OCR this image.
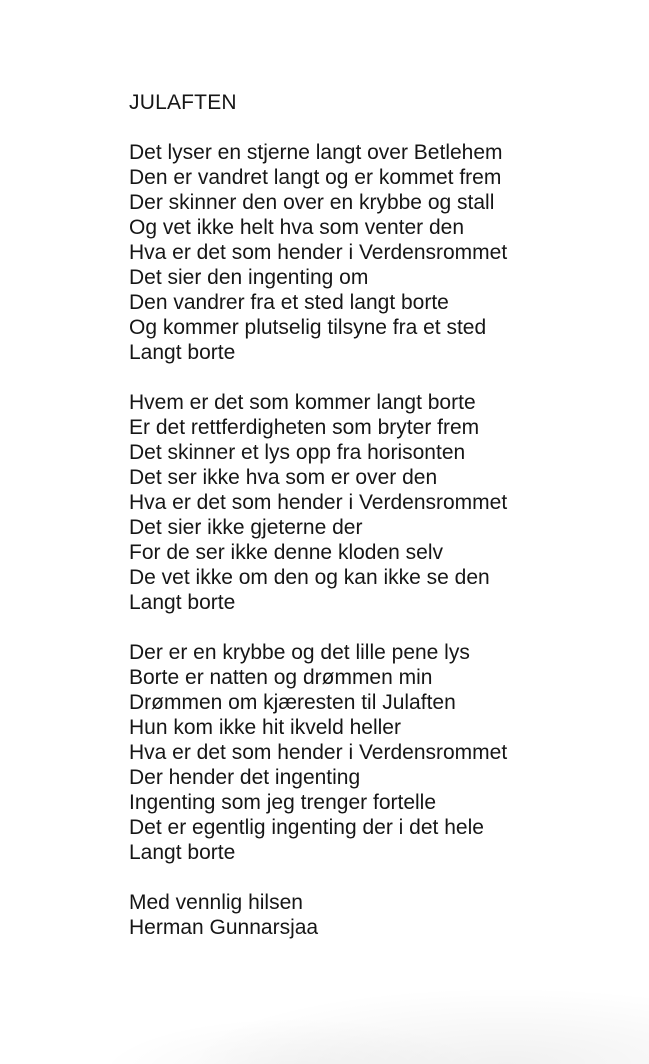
JULAFTEN
Det lyser en stjerne langt over Betlehem
Den er vandret langt og er kommet frem
Der skinner den over en krybbe og stall
Og vet ikke helt hva som venter den
Hva er det som hender i Verdensrommet
Det sier den ingenting om
Den vandrer fra et sted langt borte
Og kommer plutselig tilsyne fra et sted
Langt borte
Hvem er det som kommer langt borte
Er det rettferdigheten som bryter frem
Det skinner et lys opp fra horisonten
Det ser ikke hva som er over den
Hva er det som hender i Verdensrommet
Det sier ikke gjeterne der
For de ser ikke denne kloden selv
De vet ikke om den og kan ikke se den
Langt borte
Der er en krybbe og det lille pene lys
Borte er natten og drømmen min
Drømmen om kjæresten til Julaften
Hun kom ikke hit ikveld heller
Hva er det som hender i Verdensrommet
Der hender det ingenting
Ingenting som jeg trenger fortelle
Det er egentlig ingenting der i det hele
Langt borte
Med vennlig hilsen
Herman Gunnarsjaa
